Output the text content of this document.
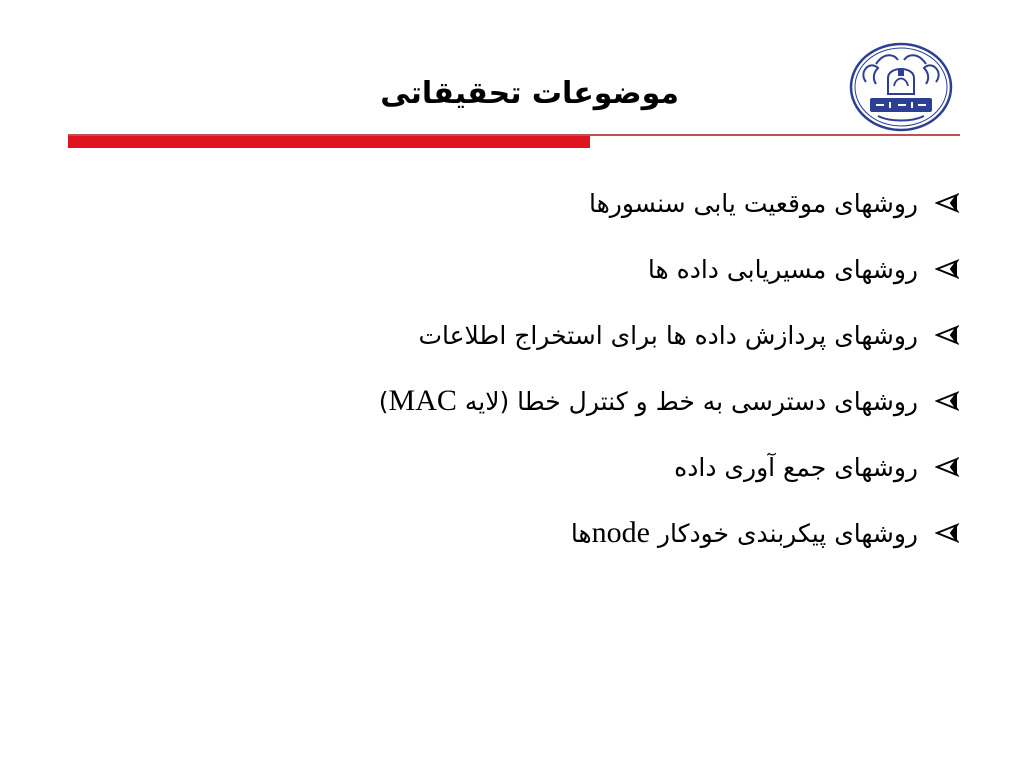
موضوعات تحقیقاتی
روشهای موقعیت یابی سنسورها
روشهای مسیریابی داده ها
روشهای پردازش داده ها برای استخراج اطلاعات
روشهای دسترسی به خط و کنترل خطا (لایه MAC)
روشهای جمع آوری داده
روشهای پیکربندی خودکار nodeها
